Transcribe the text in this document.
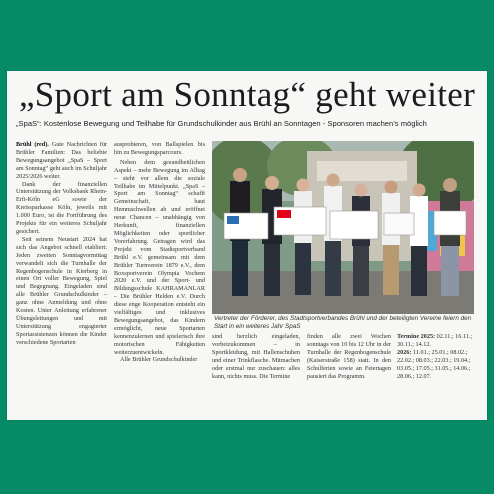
„Sport am Sonntag“ geht weiter
„SpaS“: Kostenlose Bewegung und Teilhabe für Grundschulkinder aus Brühl an Sonntagen - Sponsoren machen’s möglich

Brühl (red). Gute Nachrichten für Brühler Familien: Das beliebte Bewegungsangebot „SpaS – Sport am Sonntag“ geht auch im Schuljahr 2025/2026 weiter.

Dank der finanziellen Unterstützung der Volksbank Rhein-Erft-Köln eG sowie der Kreissparkasse Köln, jeweils mit 1.000 Euro, ist die Fortführung des Projekts für ein weiteres Schuljahr gesichert.

Seit seinem Neustart 2024 hat sich das Angebot schnell etabliert: Jeden zweiten Sonntagvormittag verwandelt sich die Turnhalle der Regenbogenschule in Kierberg in einen Ort voller Bewegung, Spiel und Begegnung. Eingeladen sind alle Brühler Grundschulkinder – ganz ohne Anmeldung und ohne Kosten. Unter Anleitung erfahrener Übungsleitungen und mit Unterstützung engagierter Sportassistenzen können die Kinder verschiedene Sportarten

ausprobieren, von Ballspielen bis hin zu Bewegungsparcours.

Neben dem gesundheitlichen Aspekt – mehr Bewegung im Alltag – steht vor allem die soziale Teilhabe im Mittelpunkt. „SpaS – Sport am Sonntag“ schafft Gemeinschaft, baut Hemmschwellen ab und eröffnet neue Chancen – unabhängig von Herkunft, finanziellen Möglichkeiten oder sportlicher Vorerfahrung. Getragen wird das Projekt vom Stadtsportverband Brühl e.V. gemeinsam mit dem Brühler Turnverein 1879 e.V., dem Boxsportverein Olympia Vochem 2020 e.V. und der Sport- und Bildungsschule KAHRAMANLAR – Die Brühler Helden e.V. Durch diese enge Kooperation entsteht ein vielfältiges und inklusives Bewegungsangebot, das Kindern ermöglicht, neue Sportarten kennenzulernen und spielerisch ihre motorischen Fähigkeiten weiterzuentwickeln.

Alle Brühler Grundschulkinder

Vertreter der Förderer, des Stadtsportverbandes Brühl und der beteiligten Vereine feiern den Start in ein weiteres Jahr SpaS

sind herzlich eingeladen, vorbeizukommen – in Sportkleidung, mit Hallenschuhen und einer Trinkflasche. Mitmachen oder erstmal nur zuschauen: alles kann, nichts muss. Die Termine

finden alle zwei Wochen sonntags von 10 bis 12 Uhr in der Turnhalle der Regenbogenschule (Kaiserstraße 158) statt. In den Schulferien sowie an Feiertagen pausiert das Programm.

Termine 2025: 02.11.; 16.11.; 30.11.; 14.12.
2026: 11.01.; 25.01.; 08.02.; 22.02.; 08.03.; 22.03.; 19.04.; 03.05.; 17.05.; 31.05.; 14.06.; 28.06.; 12.07.
